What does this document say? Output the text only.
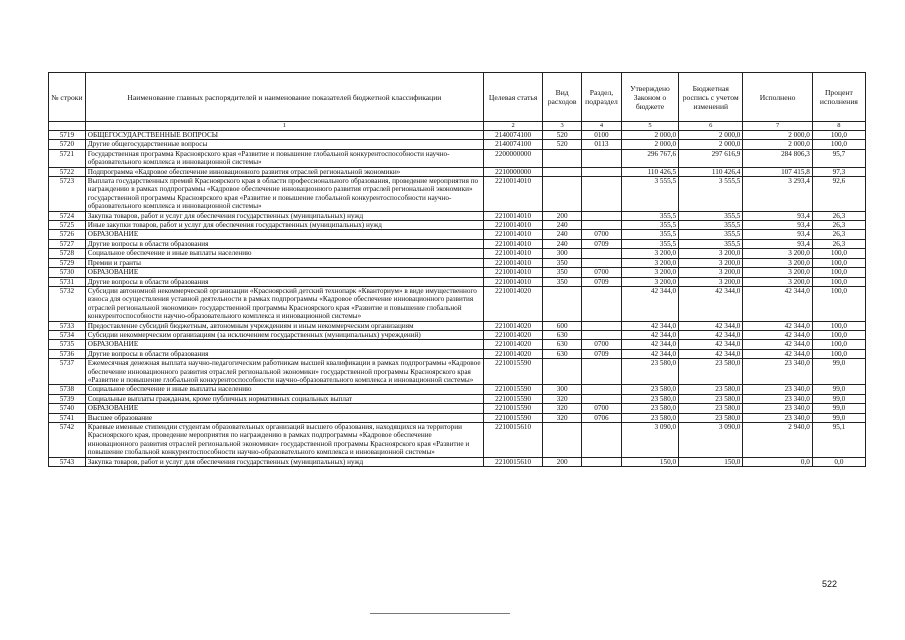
№ строки	Наименование главных распорядителей и наименование показателей бюджетной классификации	Целевая статья	Вид расходов	Раздел, подраздел	Утверждено Законом о бюджете	Бюджетная роспись с учетом изменений	Исполнено	Процент исполнения
	1	2	3	4	5	6	7	8
5719	ОБЩЕГОСУДАРСТВЕННЫЕ ВОПРОСЫ	2140074100	520	0100	2 000,0	2 000,0	2 000,0	100,0
5720	Другие общегосударственные вопросы	2140074100	520	0113	2 000,0	2 000,0	2 000,0	100,0
5721	Государственная программа Красноярского края «Развитие и повышение глобальной конкурентоспособности научно-образовательного комплекса и инновационной системы»	2200000000			296 767,6	297 616,9	284 806,3	95,7
5722	Подпрограмма «Кадровое обеспечение инновационного развития отраслей региональной экономики»	2210000000			110 426,5	110 426,4	107 415,8	97,3
5723	Выплата государственных премий Красноярского края в области профессионального образования, проведение мероприятия по награждению в рамках подпрограммы «Кадровое обеспечение инновационного развития отраслей региональной экономики» государственной программы Красноярского края «Развитие и повышение глобальной конкурентоспособности научно-образовательного комплекса и инновационной системы»	2210014010			3 555,5	3 555,5	3 293,4	92,6
5724	Закупка товаров, работ и услуг для обеспечения государственных (муниципальных) нужд	2210014010	200		355,5	355,5	93,4	26,3
5725	Иные закупки товаров, работ и услуг для обеспечения государственных (муниципальных) нужд	2210014010	240		355,5	355,5	93,4	26,3
5726	ОБРАЗОВАНИЕ	2210014010	240	0700	355,5	355,5	93,4	26,3
5727	Другие вопросы в области образования	2210014010	240	0709	355,5	355,5	93,4	26,3
5728	Социальное обеспечение и иные выплаты населению	2210014010	300		3 200,0	3 200,0	3 200,0	100,0
5729	Премии и гранты	2210014010	350		3 200,0	3 200,0	3 200,0	100,0
5730	ОБРАЗОВАНИЕ	2210014010	350	0700	3 200,0	3 200,0	3 200,0	100,0
5731	Другие вопросы в области образования	2210014010	350	0709	3 200,0	3 200,0	3 200,0	100,0
5732	Субсидии автономной некоммерческой организации «Красноярский детский технопарк «Кванториум» в виде имущественного взноса для осуществления уставной деятельности в рамках подпрограммы «Кадровое обеспечение инновационного развития отраслей региональной экономики» государственной программы Красноярского края «Развитие и повышение глобальной конкурентоспособности научно-образовательного комплекса и инновационной системы»	2210014020			42 344,0	42 344,0	42 344,0	100,0
5733	Предоставление субсидий бюджетным, автономным учреждениям и иным некоммерческим организациям	2210014020	600		42 344,0	42 344,0	42 344,0	100,0
5734	Субсидии некоммерческим организациям (за исключением государственных (муниципальных) учреждений)	2210014020	630		42 344,0	42 344,0	42 344,0	100,0
5735	ОБРАЗОВАНИЕ	2210014020	630	0700	42 344,0	42 344,0	42 344,0	100,0
5736	Другие вопросы в области образования	2210014020	630	0709	42 344,0	42 344,0	42 344,0	100,0
5737	Ежемесячная денежная выплата научно-педагогическим работникам высшей квалификации в рамках подпрограммы «Кадровое обеспечение инновационного развития отраслей региональной экономики» государственной программы Красноярского края «Развитие и повышение глобальной конкурентоспособности научно-образовательного комплекса и инновационной системы»	2210015590			23 580,0	23 580,0	23 340,0	99,0
5738	Социальное обеспечение и иные выплаты населению	2210015590	300		23 580,0	23 580,0	23 340,0	99,0
5739	Социальные выплаты гражданам, кроме публичных нормативных социальных выплат	2210015590	320		23 580,0	23 580,0	23 340,0	99,0
5740	ОБРАЗОВАНИЕ	2210015590	320	0700	23 580,0	23 580,0	23 340,0	99,0
5741	Высшее образование	2210015590	320	0706	23 580,0	23 580,0	23 340,0	99,0
5742	Краевые именные стипендии студентам образовательных организаций высшего образования, находящихся на территории Красноярского края, проведение мероприятия по награждению в рамках подпрограммы «Кадровое обеспечение инновационного развития отраслей региональной экономики» государственной программы Красноярского края «Развитие и повышение глобальной конкурентоспособности научно-образовательного комплекса и инновационной системы»	2210015610			3 090,0	3 090,0	2 940,0	95,1
5743	Закупка товаров, работ и услуг для обеспечения государственных (муниципальных) нужд	2210015610	200		150,0	150,0	0,0	0,0
522
